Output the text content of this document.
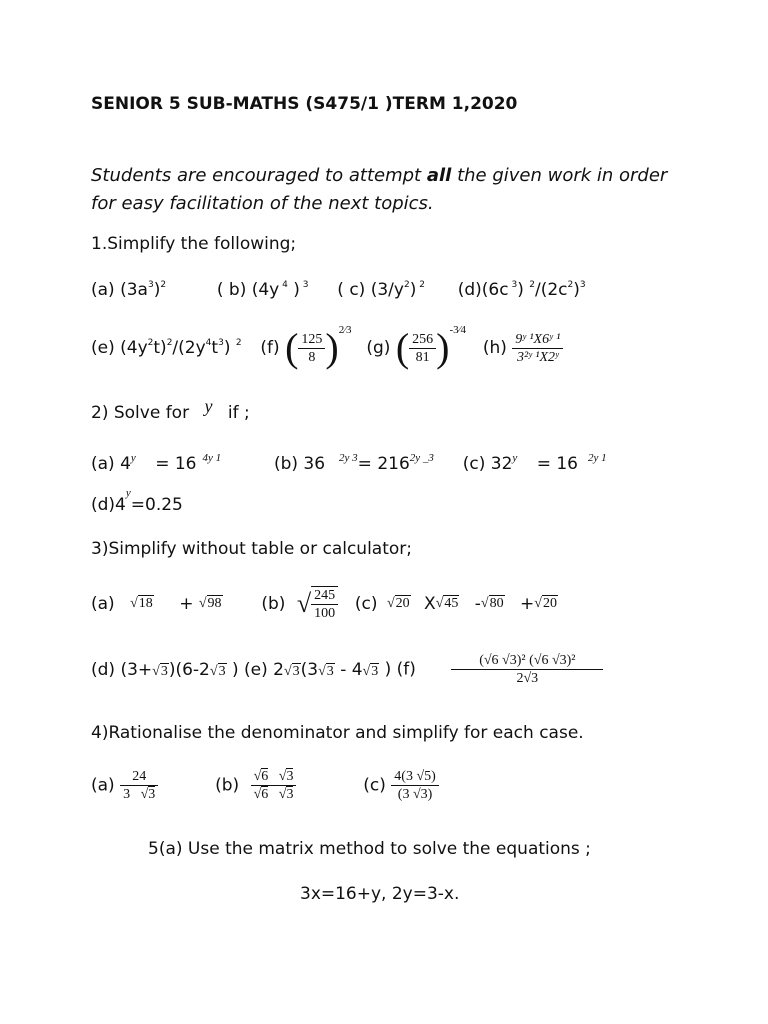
SENIOR 5 SUB-MATHS (S475/1 )TERM 1,2020
Students are encouraged to attempt all the given work in order
for easy facilitation of the next topics.
1.Simplify the following;
(a) $(3a^3)^2$	( b) (4y $^4$ ) $^3$ ( c) $(3/y^2)$ $^2$ (d)(6c $^3$) $^2/(2c^2)^3$
(e) $(4y^2t)^2/(2y^4t^3)$ $^2$ (f) ( $\frac{125}{8} )^{2⁄3}$  (g) ( $\frac{256}{81} )^{-3⁄4}$  $(h) \frac{\text{9ʸ ¹X6ʸ ¹}}{\text{3²ʸ ¹X2ʸ}}$
2) Solve for y if ;
(a) $4^y = 16$ $^{4y 1}$	(b) 36 $^{2y 3}= 216^{2y \_3}$ (c) $32^y = 16$ $^{2y 1}$
$(d)4^y=0.25$
3)Simplify without table or calculator;
(a) √18 + √98 (b) √ $\frac{245}{100} (c)$ √20 X√45 -√80 +√20
(d) (3+√3)(6-2√3 ) (e) 2√3(3√3 - 4√3 ) (f)	$\frac{\text{(√6 √3)² (√6 √3)²}}{2√3}$
4)Rationalise the denominator and simplify for each case.
$(a) \frac{24}{3 √3}$	$(b) \frac{√6 √3}{√6 √3}$	$(c) \frac{4(3 √5)}{(3 √3)}$
5(a) Use the matrix method to solve the equations ;
3x=16+y, 2y=3-x.
